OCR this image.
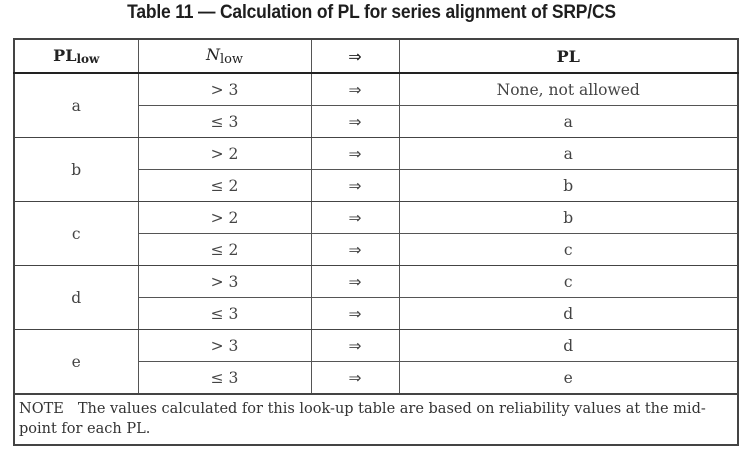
Table 11 — Calculation of PL for series alignment of SRP/CS
$PL_{low}$	$N_{low}$	⇒	PL
a	> 3	⇒	None, not allowed
	≤ 3	⇒	a
b	> 2	⇒	a
	≤ 2	⇒	b
c	> 2	⇒	b
	≤ 2	⇒	c
d	> 3	⇒	c
	≤ 3	⇒	d
e	> 3	⇒	d
	≤ 3	⇒	e
NOTE The values calculated for this look-up table are based on reliability values at the mid-point for each PL.			
